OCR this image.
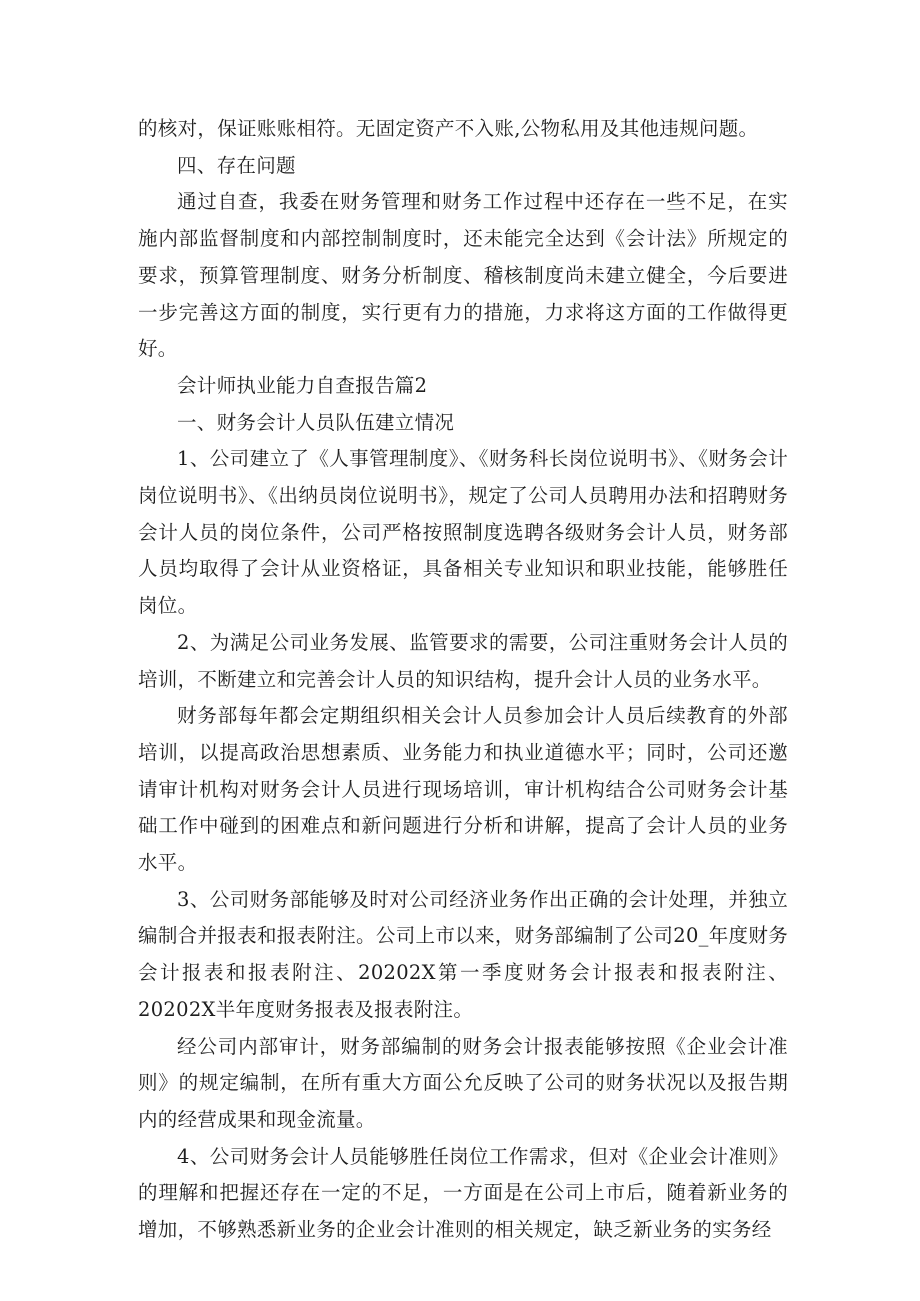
的核对，保证账账相符。无固定资产不入账,公物私用及其他违规问题。

四、存在问题

通过自查，我委在财务管理和财务工作过程中还存在一些不足，在实施内部监督制度和内部控制制度时，还未能完全达到《会计法》所规定的要求，预算管理制度、财务分析制度、稽核制度尚未建立健全，今后要进一步完善这方面的制度，实行更有力的措施，力求将这方面的工作做得更好。

会计师执业能力自查报告篇2

一、财务会计人员队伍建立情况

1、公司建立了《人事管理制度》、《财务科长岗位说明书》、《财务会计岗位说明书》、《出纳员岗位说明书》，规定了公司人员聘用办法和招聘财务会计人员的岗位条件，公司严格按照制度选聘各级财务会计人员，财务部人员均取得了会计从业资格证，具备相关专业知识和职业技能，能够胜任岗位。

2、为满足公司业务发展、监管要求的需要，公司注重财务会计人员的培训，不断建立和完善会计人员的知识结构，提升会计人员的业务水平。

财务部每年都会定期组织相关会计人员参加会计人员后续教育的外部培训，以提高政治思想素质、业务能力和执业道德水平；同时，公司还邀请审计机构对财务会计人员进行现场培训，审计机构结合公司财务会计基础工作中碰到的困难点和新问题进行分析和讲解，提高了会计人员的业务水平。

3、公司财务部能够及时对公司经济业务作出正确的会计处理，并独立编制合并报表和报表附注。公司上市以来，财务部编制了公司20_年度财务会计报表和报表附注、20202X第一季度财务会计报表和报表附注、20202X半年度财务报表及报表附注。

经公司内部审计，财务部编制的财务会计报表能够按照《企业会计准则》的规定编制，在所有重大方面公允反映了公司的财务状况以及报告期内的经营成果和现金流量。

4、公司财务会计人员能够胜任岗位工作需求，但对《企业会计准则》的理解和把握还存在一定的不足，一方面是在公司上市后，随着新业务的增加，不够熟悉新业务的企业会计准则的相关规定，缺乏新业务的实务经
